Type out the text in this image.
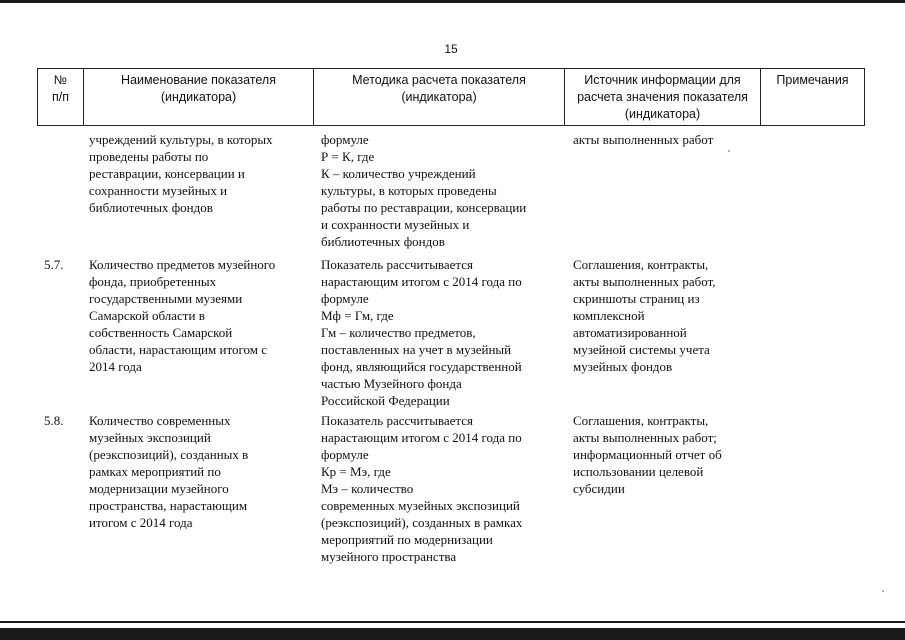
15
№
п/п
Наименование показателя
(индикатора)
Методика расчета показателя
(индикатора)
Источник информации для
расчета значения показателя
(индикатора)
Примечания
учреждений культуры, в которых
проведены работы по
реставрации, консервации и
сохранности музейных и
библиотечных фондов
формуле
Р = К, где
К – количество учреждений
культуры, в которых проведены
работы по реставрации, консервации
и сохранности музейных и
библиотечных фондов
акты выполненных работ
5.7. Количество предметов музейного
фонда, приобретенных
государственными музеями
Самарской области в
собственность Самарской
области, нарастающим итогом с
2014 года
Показатель рассчитывается
нарастающим итогом с 2014 года по
формуле
Мф = Гм, где
Гм – количество предметов,
поставленных на учет в музейный
фонд, являющийся государственной
частью Музейного фонда
Российской Федерации
Соглашения, контракты,
акты выполненных работ,
скриншоты страниц из
комплексной
автоматизированной
музейной системы учета
музейных фондов
5.8. Количество современных
музейных экспозиций
(реэкспозиций), созданных в
рамках мероприятий по
модернизации музейного
пространства, нарастающим
итогом с 2014 года
Показатель рассчитывается
нарастающим итогом с 2014 года по
формуле
Кр = Мэ, где
Мэ – количество
современных музейных экспозиций
(реэкспозиций), созданных в рамках
мероприятий по модернизации
музейного пространства
Соглашения, контракты,
акты выполненных работ;
информационный отчет об
использовании целевой
субсидии
